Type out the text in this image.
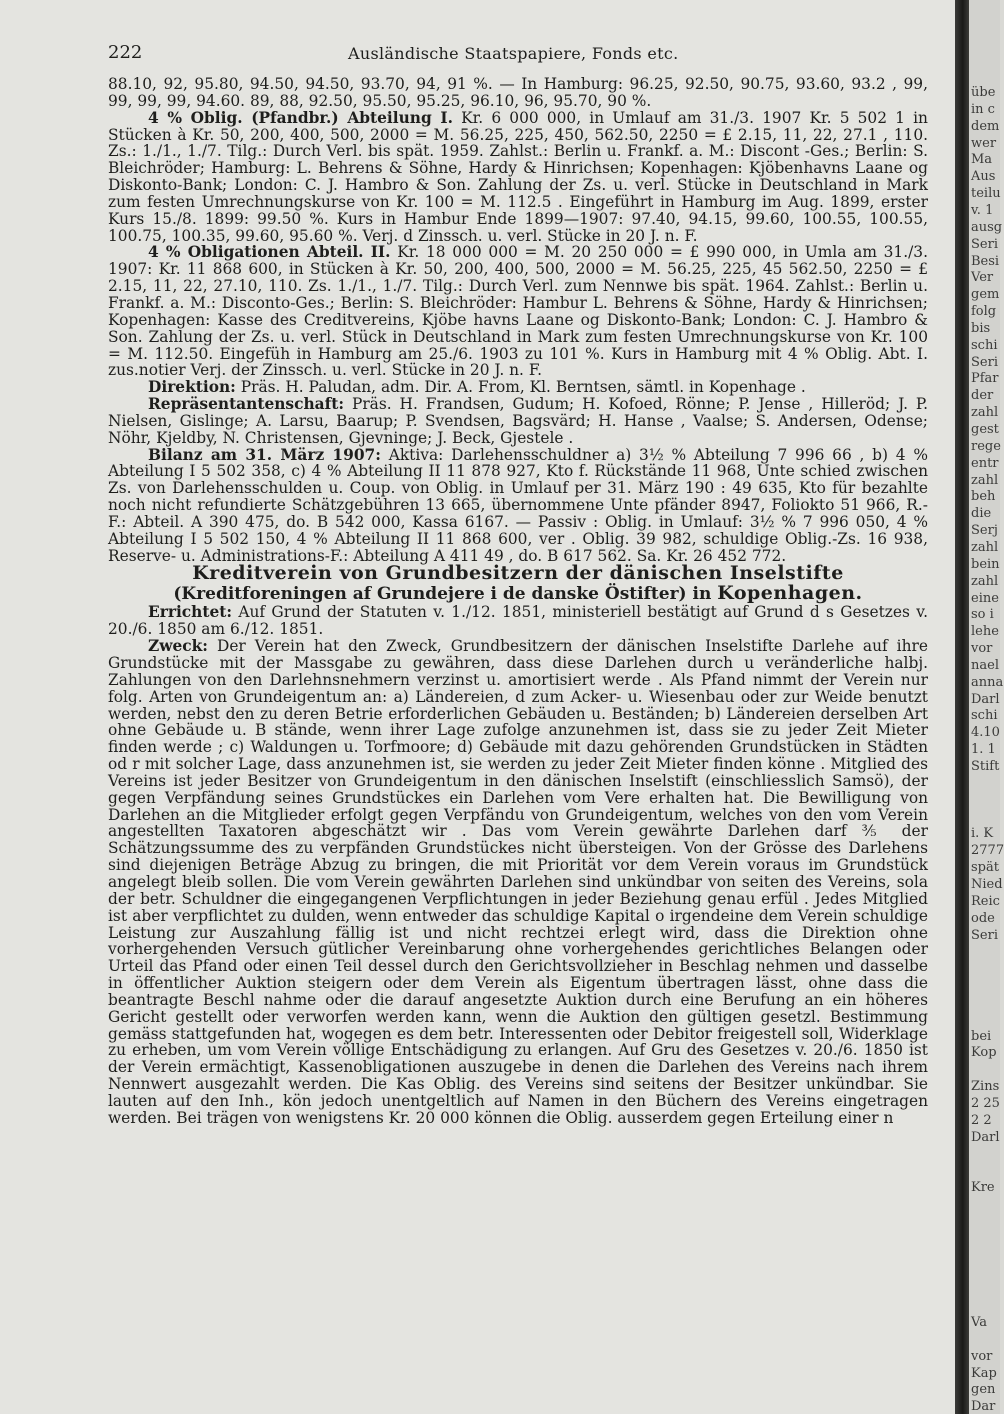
222	Ausländische Staatspapiere, Fonds etc.

88.10, 92, 95.80, 94.50, 94.50, 93.70, 94, 91 %. — In Hamburg: 96.25, 92.50, 90.75, 93.60, 93.2 , 99, 99, 99, 99, 94.60. 89, 88, 92.50, 95.50, 95.25, 96.10, 96, 95.70, 90 %.

4 % Oblig. (Pfandbr.) Abteilung I. Kr. 6 000 000, in Umlauf am 31./3. 1907 Kr. 5 502 1 in Stücken à Kr. 50, 200, 400, 500, 2000 = M. 56.25, 225, 450, 562.50, 2250 = £ 2.15, 11, 22, 27.1 , 110. Zs.: 1./1., 1./7. Tilg.: Durch Verl. bis spät. 1959. Zahlst.: Berlin u. Frankf. a. M.: Discont -Ges.; Berlin: S. Bleichröder; Hamburg: L. Behrens & Söhne, Hardy & Hinrichsen; Kopenhagen: Kjöbenhavns Laane og Diskonto-Bank; London: C. J. Hambro & Son. Zahlung der Zs. u. verl. Stücke in Deutschland in Mark zum festen Umrechnungskurse von Kr. 100 = M. 112.5 . Eingeführt in Hamburg im Aug. 1899, erster Kurs 15./8. 1899: 99.50 %. Kurs in Hambur Ende 1899—1907: 97.40, 94.15, 99.60, 100.55, 100.55, 100.75, 100.35, 99.60, 95.60 %. Verj. d Zinssch. u. verl. Stücke in 20 J. n. F.

4 % Obligationen Abteil. II. Kr. 18 000 000 = M. 20 250 000 = £ 990 000, in Umla am 31./3. 1907: Kr. 11 868 600, in Stücken à Kr. 50, 200, 400, 500, 2000 = M. 56.25, 225, 45 562.50, 2250 = £ 2.15, 11, 22, 27.10, 110. Zs. 1./1., 1./7. Tilg.: Durch Verl. zum Nennwe bis spät. 1964. Zahlst.: Berlin u. Frankf. a. M.: Disconto-Ges.; Berlin: S. Bleichröder: Hambur L. Behrens & Söhne, Hardy & Hinrichsen; Kopenhagen: Kasse des Creditvereins, Kjöbe havns Laane og Diskonto-Bank; London: C. J. Hambro & Son. Zahlung der Zs. u. verl. Stück in Deutschland in Mark zum festen Umrechnungskurse von Kr. 100 = M. 112.50. Eingefüh in Hamburg am 25./6. 1903 zu 101 %. Kurs in Hamburg mit 4 % Oblig. Abt. I. zus.notier Verj. der Zinssch. u. verl. Stücke in 20 J. n. F.

Direktion: Präs. H. Paludan, adm. Dir. A. From, Kl. Berntsen, sämtl. in Kopenhage .

Repräsentantenschaft: Präs. H. Frandsen, Gudum; H. Kofoed, Rönne; P. Jense , Hilleröd; J. P. Nielsen, Gislinge; A. Larsu, Baarup; P. Svendsen, Bagsvärd; H. Hanse , Vaalse; S. Andersen, Odense; Nöhr, Kjeldby, N. Christensen, Gjevninge; J. Beck, Gjestele .

Bilanz am 31. März 1907: Aktiva: Darlehensschuldner a) 3½ % Abteilung 7 996 66 , b) 4 % Abteilung I 5 502 358, c) 4 % Abteilung II 11 878 927, Kto f. Rückstände 11 968, Unte schied zwischen Zs. von Darlehensschulden u. Coup. von Oblig. in Umlauf per 31. März 190 : 49 635, Kto für bezahlte noch nicht refundierte Schätzgebühren 13 665, übernommene Unte pfänder 8947, Foliokto 51 966, R.-F.: Abteil. A 390 475, do. B 542 000, Kassa 6167. — Passiv : Oblig. in Umlauf: 3½ % 7 996 050, 4 % Abteilung I 5 502 150, 4 % Abteilung II 11 868 600, ver . Oblig. 39 982, schuldige Oblig.-Zs. 16 938, Reserve- u. Administrations-F.: Abteilung A 411 49 , do. B 617 562. Sa. Kr. 26 452 772.

Kreditverein von Grundbesitzern der dänischen Inselstifte (Kreditforeningen af Grundejere i de danske Östifter) in Kopenhagen.

Errichtet: Auf Grund der Statuten v. 1./12. 1851, ministeriell bestätigt auf Grund d s Gesetzes v. 20./6. 1850 am 6./12. 1851.

Zweck: Der Verein hat den Zweck, Grundbesitzern der dänischen Inselstifte Darlehe auf ihre Grundstücke mit der Massgabe zu gewähren, dass diese Darlehen durch u veränderliche halbj. Zahlungen von den Darlehnsnehmern verzinst u. amortisiert werde . Als Pfand nimmt der Verein nur folg. Arten von Grundeigentum an: a) Ländereien, d zum Acker- u. Wiesenbau oder zur Weide benutzt werden, nebst den zu deren Betrie erforderlichen Gebäuden u. Beständen; b) Ländereien derselben Art ohne Gebäude u. B stände, wenn ihrer Lage zufolge anzunehmen ist, dass sie zu jeder Zeit Mieter finden werde ; c) Waldungen u. Torfmoore; d) Gebäude mit dazu gehörenden Grundstücken in Städten od r mit solcher Lage, dass anzunehmen ist, sie werden zu jeder Zeit Mieter finden könne . Mitglied des Vereins ist jeder Besitzer von Grundeigentum in den dänischen Inselstift (einschliesslich Samsö), der gegen Verpfändung seines Grundstückes ein Darlehen vom Vere erhalten hat. Die Bewilligung von Darlehen an die Mitglieder erfolgt gegen Verpfändu von Grundeigentum, welches von den vom Verein angestellten Taxatoren abgeschätzt wir . Das vom Verein gewährte Darlehen darf ⅗ der Schätzungssumme des zu verpfänden Grundstückes nicht übersteigen. Von der Grösse des Darlehens sind diejenigen Beträge Abzug zu bringen, die mit Priorität vor dem Verein voraus im Grundstück angelegt bleib sollen. Die vom Verein gewährten Darlehen sind unkündbar von seiten des Vereins, sola der betr. Schuldner die eingegangenen Verpflichtungen in jeder Beziehung genau erfül . Jedes Mitglied ist aber verpflichtet zu dulden, wenn entweder das schuldige Kapital o irgendeine dem Verein schuldige Leistung zur Auszahlung fällig ist und nicht rechtzei erlegt wird, dass die Direktion ohne vorhergehenden Versuch gütlicher Vereinbarung ohne vorhergehendes gerichtliches Belangen oder Urteil das Pfand oder einen Teil dessel durch den Gerichtsvollzieher in Beschlag nehmen und dasselbe in öffentlicher Auktion steigern oder dem Verein als Eigentum übertragen lässt, ohne dass die beantragte Beschl nahme oder die darauf angesetzte Auktion durch eine Berufung an ein höheres Gericht gestellt oder verworfen werden kann, wenn die Auktion den gültigen gesetzl. Bestimmung gemäss stattgefunden hat, wogegen es dem betr. Interessenten oder Debitor freigestell soll, Widerklage zu erheben, um vom Verein völlige Entschädigung zu erlangen. Auf Gru des Gesetzes v. 20./6. 1850 ist der Verein ermächtigt, Kassenobligationen auszugebe in denen die Darlehen des Vereins nach ihrem Nennwert ausgezahlt werden. Die Kas Oblig. des Vereins sind seitens der Besitzer unkündbar. Sie lauten auf den Inh., kön jedoch unentgeltlich auf Namen in den Büchern des Vereins eingetragen werden. Bei trägen von wenigstens Kr. 20 000 können die Oblig. ausserdem gegen Erteilung einer n

übe
in c
dem
wer
Ma
Aus
teilu
v. 1
ausg
Seri
Besi
Ver
gem
folg
bis
schi
Seri
Pfar
der
zahl
gest
rege
entr
zahl
beh
die
Serj
zahl
bein
zahl
eine
so i
lehe
vor
nael
anna
Darl
schi
4.10
1. 1
Stift
i. K
2777
spät
Nied
Reic
ode
Seri
bei
Kop
Zins
2 25
2 2
Darl
Kre
Va
vor
Kap
gen
Dar
